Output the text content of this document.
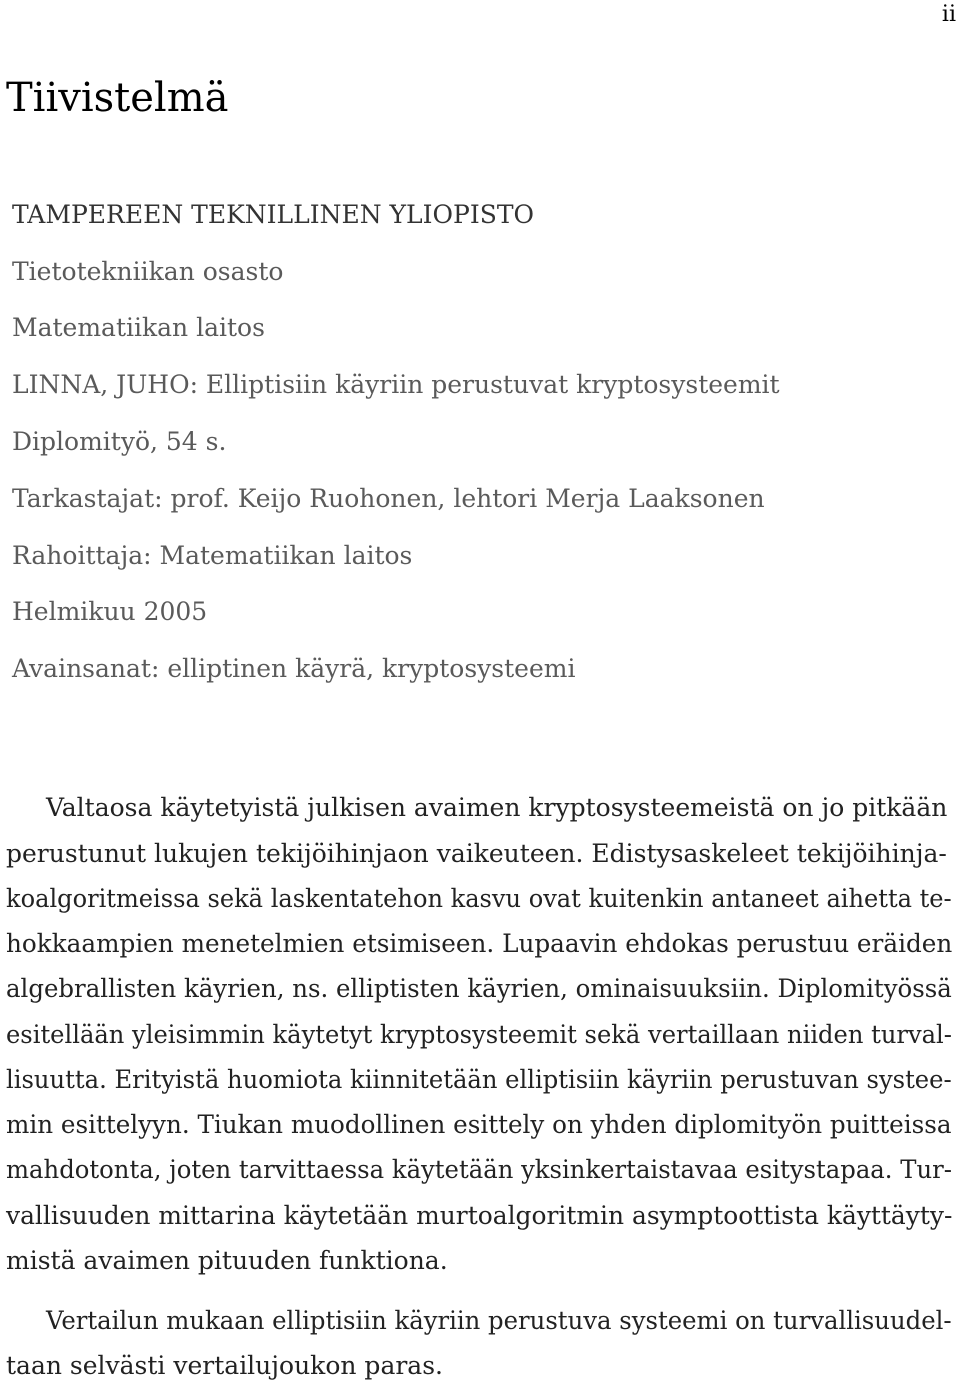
ii
Tiivistelmä
TAMPEREEN TEKNILLINEN YLIOPISTO
Tietotekniikan osasto
Matematiikan laitos
LINNA, JUHO: Elliptisiin käyriin perustuvat kryptosysteemit
Diplomityö, 54 s.
Tarkastajat: prof. Keijo Ruohonen, lehtori Merja Laaksonen
Rahoittaja: Matematiikan laitos
Helmikuu 2005
Avainsanat: elliptinen käyrä, kryptosysteemi
Valtaosa käytetyistä julkisen avaimen kryptosysteemeistä on jo pitkään
perustunut lukujen tekijöihinjaon vaikeuteen. Edistysaskeleet tekijöihinja-
koalgoritmeissa sekä laskentatehon kasvu ovat kuitenkin antaneet aihetta te-
hokkaampien menetelmien etsimiseen. Lupaavin ehdokas perustuu eräiden
algebrallisten käyrien, ns. elliptisten käyrien, ominaisuuksiin. Diplomityössä
esitellään yleisimmin käytetyt kryptosysteemit sekä vertaillaan niiden turval-
lisuutta. Erityistä huomiota kiinnitetään elliptisiin käyriin perustuvan systee-
min esittelyyn. Tiukan muodollinen esittely on yhden diplomityön puitteissa
mahdotonta, joten tarvittaessa käytetään yksinkertaistavaa esitystapaa. Tur-
vallisuuden mittarina käytetään murtoalgoritmin asymptoottista käyttäyty-
mistä avaimen pituuden funktiona.
Vertailun mukaan elliptisiin käyriin perustuva systeemi on turvallisuudel-
taan selvästi vertailujoukon paras.
